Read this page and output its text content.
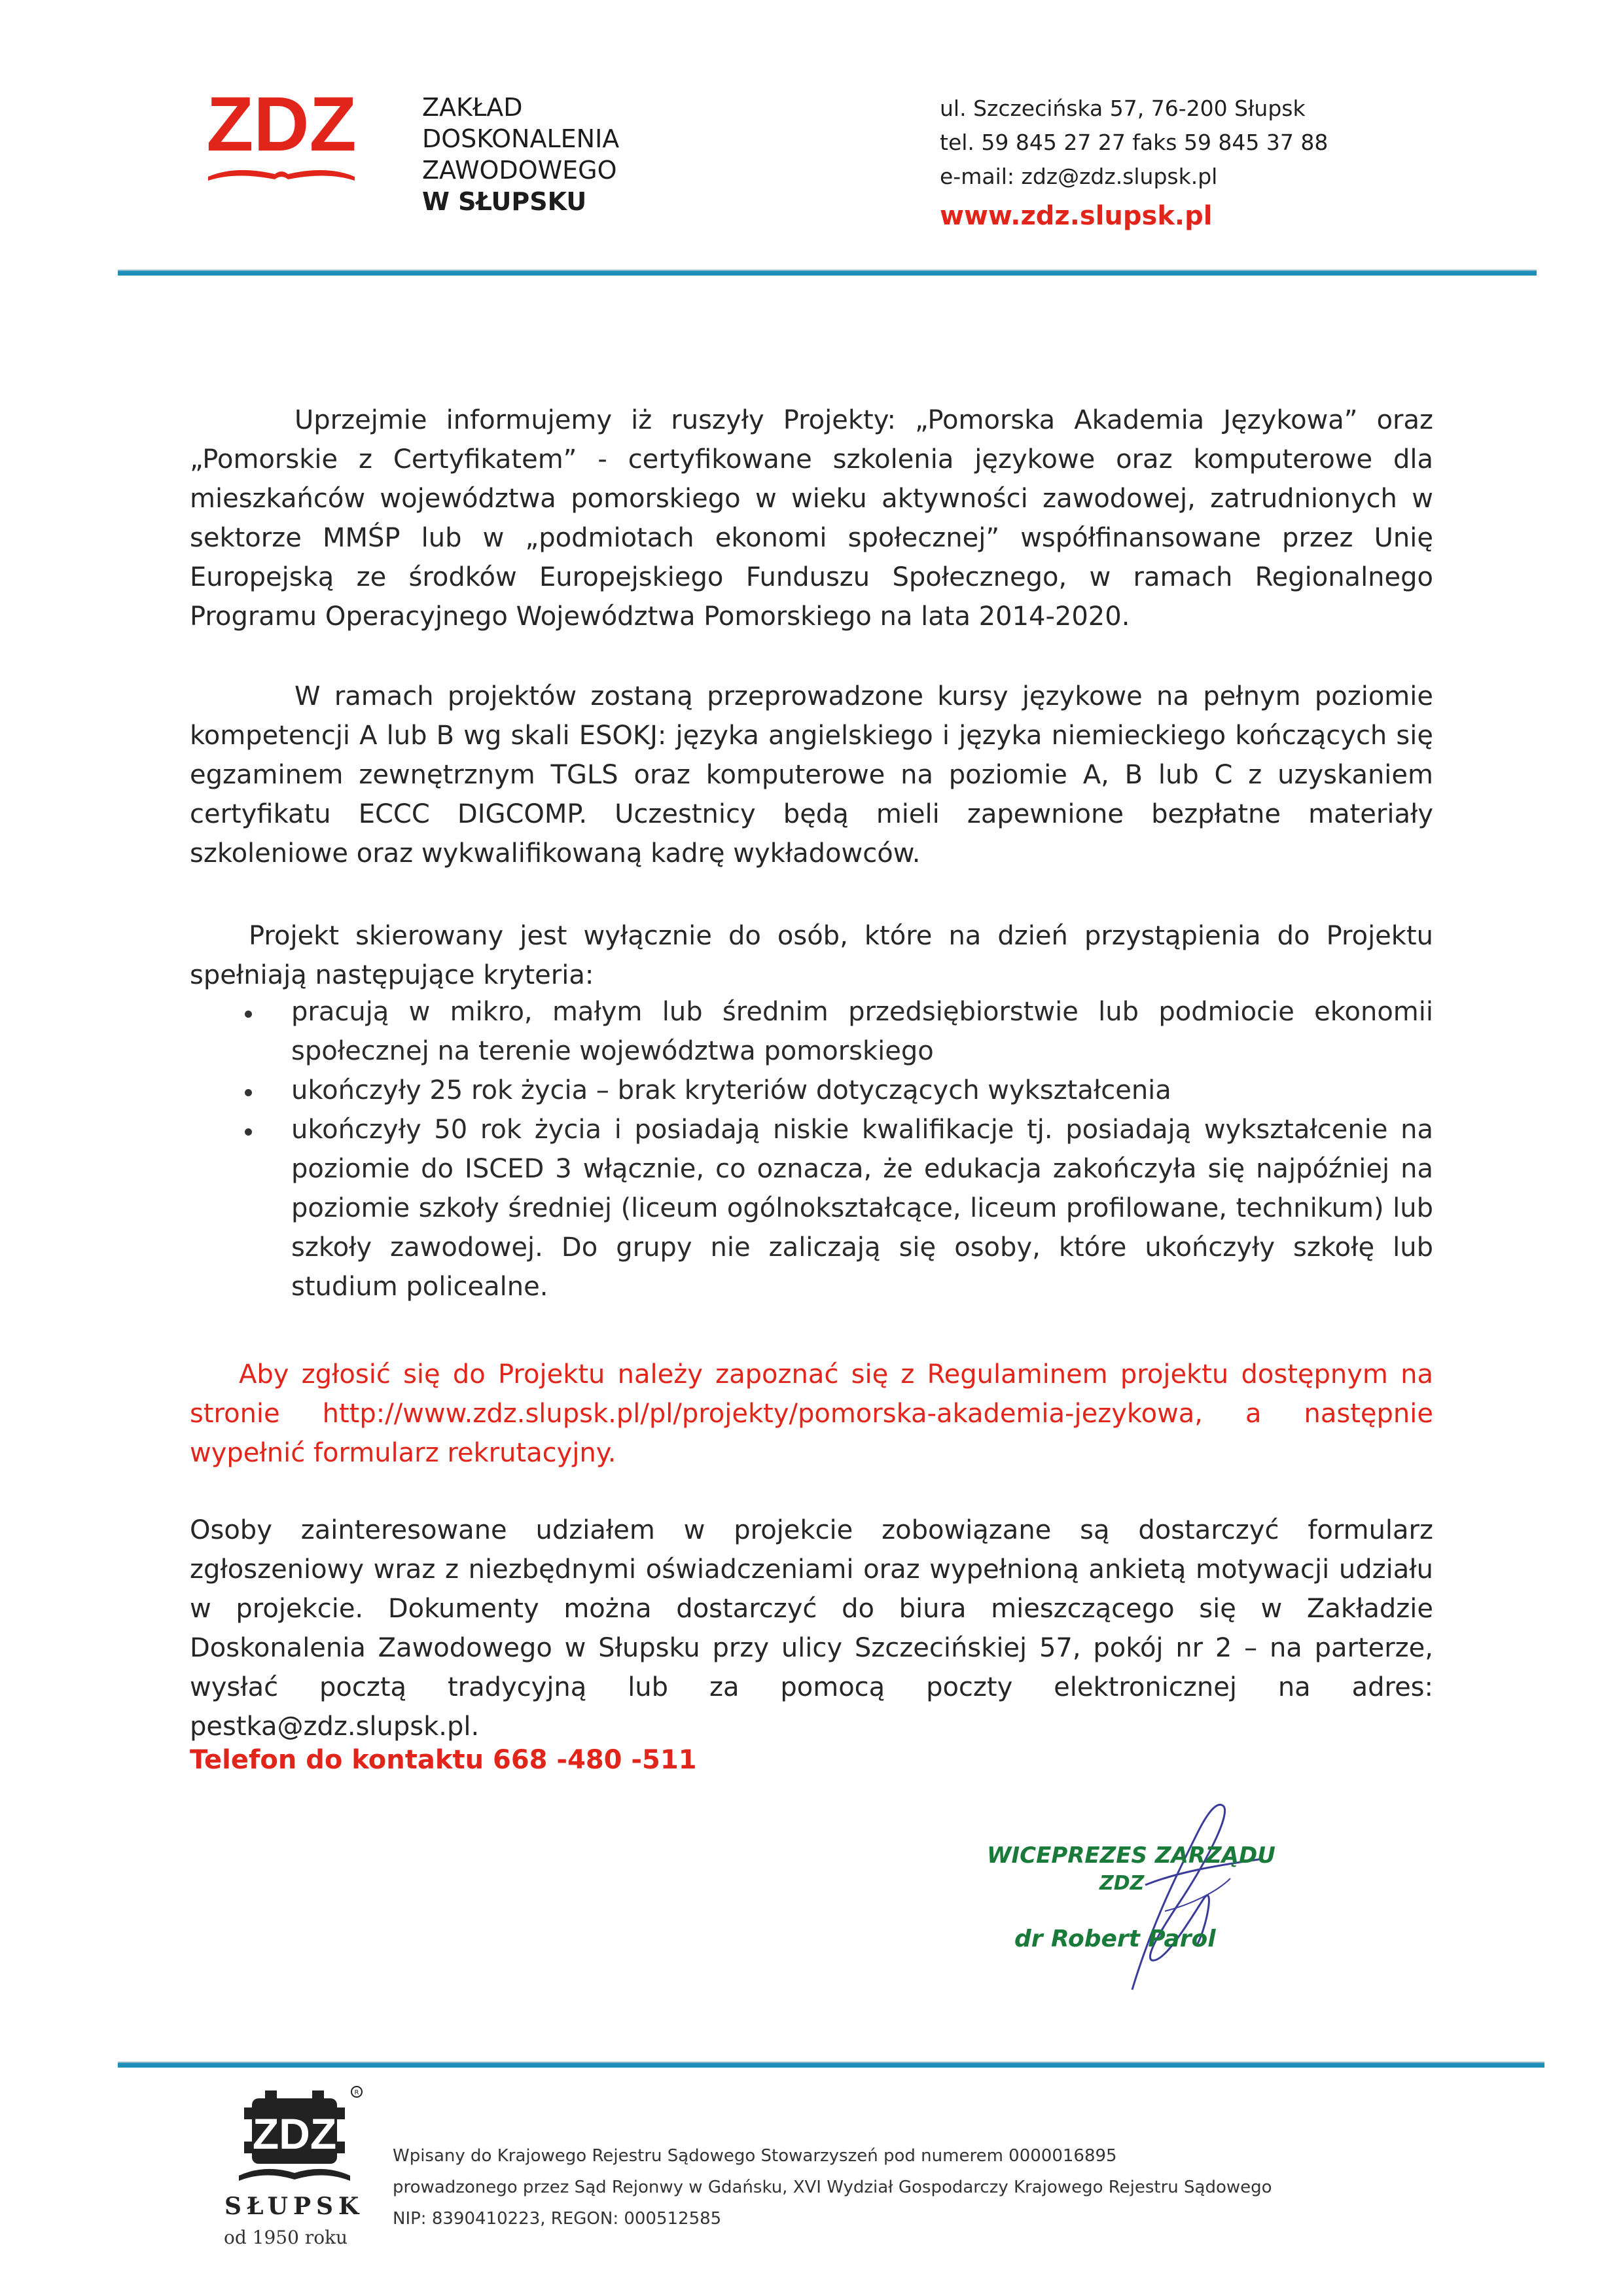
ZDZ	ZAKŁAD
DOSKONALENIA
ZAWODOWEGO
W SŁUPSKU
ul. Szczecińska 57, 76-200 Słupsk
tel. 59 845 27 27 faks 59 845 37 88
e-mail: zdz@zdz.slupsk.pl
www.zdz.slupsk.pl
Uprzejmie informujemy iż ruszyły Projekty: „Pomorska Akademia Językowa” oraz „Pomorskie z Certyfikatem” - certyfikowane szkolenia językowe oraz komputerowe dla mieszkańców województwa pomorskiego w wieku aktywności zawodowej, zatrudnionych w sektorze MMŚP lub w „podmiotach ekonomi społecznej” współfinansowane przez Unię Europejską ze środków Europejskiego Funduszu Społecznego, w ramach Regionalnego Programu Operacyjnego Województwa Pomorskiego na lata 2014-2020.
W ramach projektów zostaną przeprowadzone kursy językowe na pełnym poziomie kompetencji A lub B wg skali ESOKJ: języka angielskiego i języka niemieckiego kończących się egzaminem zewnętrznym TGLS oraz komputerowe na poziomie A, B lub C z uzyskaniem certyfikatu ECCC DIGCOMP. Uczestnicy będą mieli zapewnione bezpłatne materiały szkoleniowe oraz wykwalifikowaną kadrę wykładowców.
Projekt skierowany jest wyłącznie do osób, które na dzień przystąpienia do Projektu spełniają następujące kryteria:
pracują w mikro, małym lub średnim przedsiębiorstwie lub podmiocie ekonomii społecznej na terenie województwa pomorskiego
ukończyły 25 rok życia – brak kryteriów dotyczących wykształcenia
ukończyły 50 rok życia i posiadają niskie kwalifikacje tj. posiadają wykształcenie na poziomie do ISCED 3 włącznie, co oznacza, że edukacja zakończyła się najpóźniej na poziomie szkoły średniej (liceum ogólnokształcące, liceum profilowane, technikum) lub szkoły zawodowej. Do grupy nie zaliczają się osoby, które ukończyły szkołę lub studium policealne.
Aby zgłosić się do Projektu należy zapoznać się z Regulaminem projektu dostępnym na stronie http://www.zdz.slupsk.pl/pl/projekty/pomorska-akademia-jezykowa, a następnie wypełnić formularz rekrutacyjny.
Osoby zainteresowane udziałem w projekcie zobowiązane są dostarczyć formularz zgłoszeniowy wraz z niezbędnymi oświadczeniami oraz wypełnioną ankietą motywacji udziału w projekcie. Dokumenty można dostarczyć do biura mieszczącego się w Zakładzie Doskonalenia Zawodowego w Słupsku przy ulicy Szczecińskiej 57, pokój nr 2 – na parterze, wysłać pocztą tradycyjną lub za pomocą poczty elektronicznej na adres: pestka@zdz.slupsk.pl.
Telefon do kontaktu 668 -480 -511
WICEPREZES ZARZĄDU
ZDZ
dr Robert Parol
ZDZ
R
SŁUPSK
od 1950 roku
Wpisany do Krajowego Rejestru Sądowego Stowarzyszeń pod numerem 0000016895
prowadzonego przez Sąd Rejonwy w Gdańsku, XVI Wydział Gospodarczy Krajowego Rejestru Sądowego
NIP: 8390410223, REGON: 000512585
